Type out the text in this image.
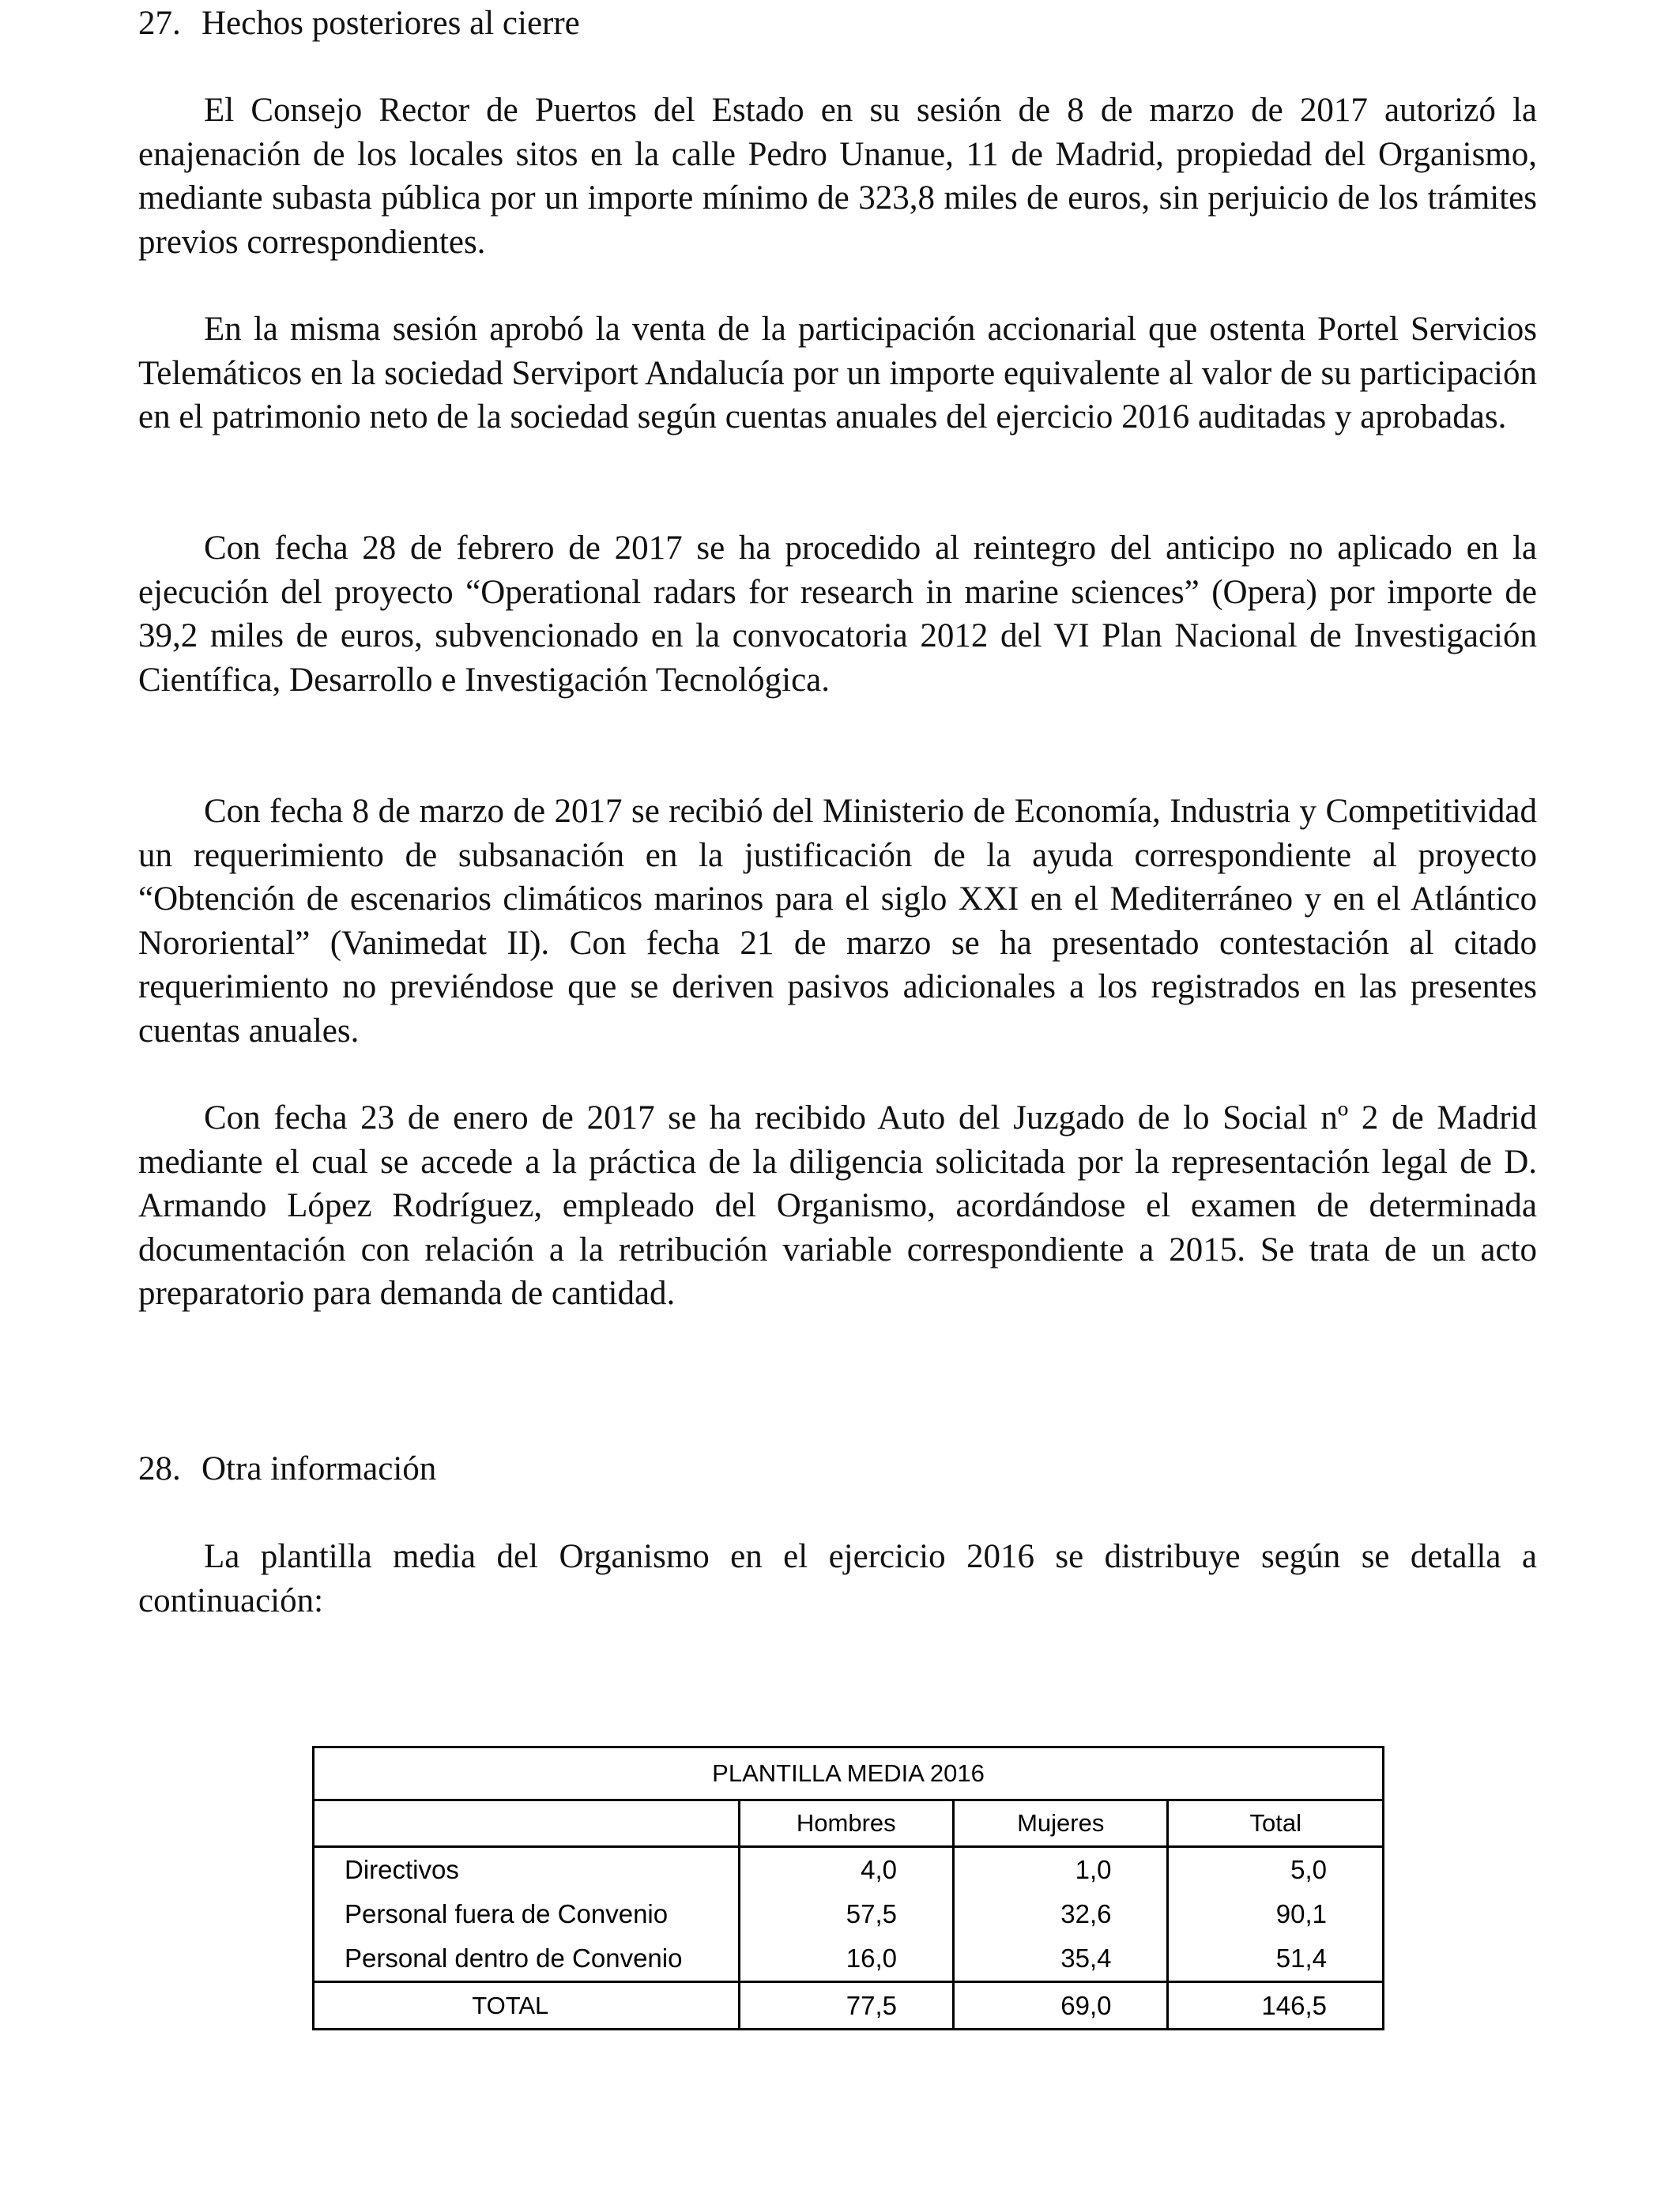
27. Hechos posteriores al cierre

El Consejo Rector de Puertos del Estado en su sesión de 8 de marzo de 2017 autorizó la enajenación de los locales sitos en la calle Pedro Unanue, 11 de Madrid, propiedad del Organismo, mediante subasta pública por un importe mínimo de 323,8 miles de euros, sin perjuicio de los trámites previos correspondientes.

En la misma sesión aprobó la venta de la participación accionarial que ostenta Portel Servicios Telemáticos en la sociedad Serviport Andalucía por un importe equivalente al valor de su participación en el patrimonio neto de la sociedad según cuentas anuales del ejercicio 2016 auditadas y aprobadas.

Con fecha 28 de febrero de 2017 se ha procedido al reintegro del anticipo no aplicado en la ejecución del proyecto “Operational radars for research in marine sciences” (Opera) por importe de 39,2 miles de euros, subvencionado en la convocatoria 2012 del VI Plan Nacional de Investigación Científica, Desarrollo e Investigación Tecnológica.

Con fecha 8 de marzo de 2017 se recibió del Ministerio de Economía, Industria y Competitividad un requerimiento de subsanación en la justificación de la ayuda correspondiente al proyecto “Obtención de escenarios climáticos marinos para el siglo XXI en el Mediterráneo y en el Atlántico Nororiental” (Vanimedat II). Con fecha 21 de marzo se ha presentado contestación al citado requerimiento no previéndose que se deriven pasivos adicionales a los registrados en las presentes cuentas anuales.

Con fecha 23 de enero de 2017 se ha recibido Auto del Juzgado de lo Social nº 2 de Madrid mediante el cual se accede a la práctica de la diligencia solicitada por la representación legal de D. Armando López Rodríguez, empleado del Organismo, acordándose el examen de determinada documentación con relación a la retribución variable correspondiente a 2015. Se trata de un acto preparatorio para demanda de cantidad.

28. Otra información

La plantilla media del Organismo en el ejercicio 2016 se distribuye según se detalla a continuación:

PLANTILLA MEDIA 2016			
	Hombres	Mujeres	Total
Directivos	4,0	1,0	5,0
Personal fuera de Convenio	57,5	32,6	90,1
Personal dentro de Convenio	16,0	35,4	51,4
TOTAL	77,5	69,0	146,5
